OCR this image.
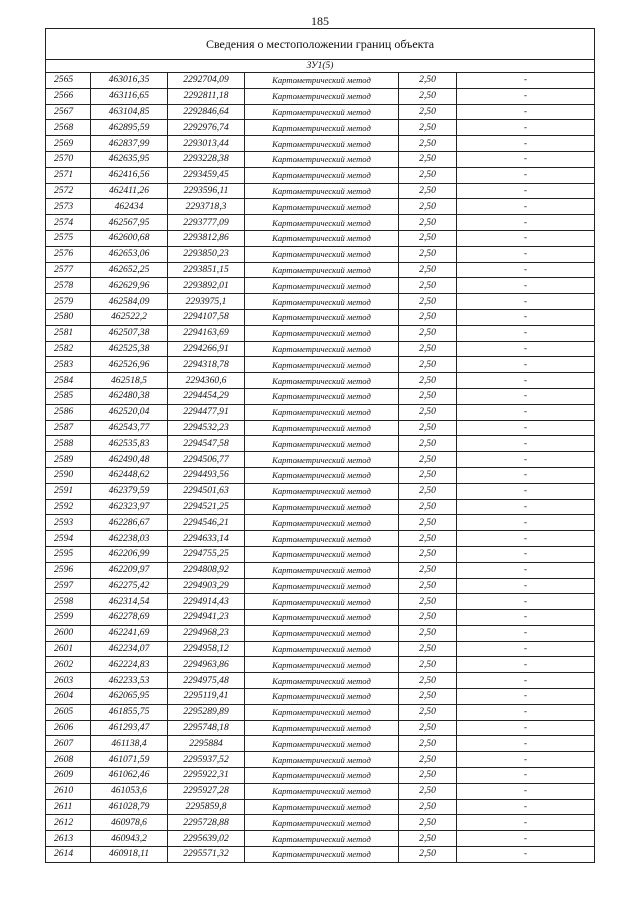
185
Сведения о местоположении границ объекта					
ЗУ1(5)					
2565	463016,35	2292704,09	Картометрический метод	2,50	-
2566	463116,65	2292811,18	Картометрический метод	2,50	-
2567	463104,85	2292846,64	Картометрический метод	2,50	-
2568	462895,59	2292976,74	Картометрический метод	2,50	-
2569	462837,99	2293013,44	Картометрический метод	2,50	-
2570	462635,95	2293228,38	Картометрический метод	2,50	-
2571	462416,56	2293459,45	Картометрический метод	2,50	-
2572	462411,26	2293596,11	Картометрический метод	2,50	-
2573	462434	2293718,3	Картометрический метод	2,50	-
2574	462567,95	2293777,09	Картометрический метод	2,50	-
2575	462600,68	2293812,86	Картометрический метод	2,50	-
2576	462653,06	2293850,23	Картометрический метод	2,50	-
2577	462652,25	2293851,15	Картометрический метод	2,50	-
2578	462629,96	2293892,01	Картометрический метод	2,50	-
2579	462584,09	2293975,1	Картометрический метод	2,50	-
2580	462522,2	2294107,58	Картометрический метод	2,50	-
2581	462507,38	2294163,69	Картометрический метод	2,50	-
2582	462525,38	2294266,91	Картометрический метод	2,50	-
2583	462526,96	2294318,78	Картометрический метод	2,50	-
2584	462518,5	2294360,6	Картометрический метод	2,50	-
2585	462480,38	2294454,29	Картометрический метод	2,50	-
2586	462520,04	2294477,91	Картометрический метод	2,50	-
2587	462543,77	2294532,23	Картометрический метод	2,50	-
2588	462535,83	2294547,58	Картометрический метод	2,50	-
2589	462490,48	2294506,77	Картометрический метод	2,50	-
2590	462448,62	2294493,56	Картометрический метод	2,50	-
2591	462379,59	2294501,63	Картометрический метод	2,50	-
2592	462323,97	2294521,25	Картометрический метод	2,50	-
2593	462286,67	2294546,21	Картометрический метод	2,50	-
2594	462238,03	2294633,14	Картометрический метод	2,50	-
2595	462206,99	2294755,25	Картометрический метод	2,50	-
2596	462209,97	2294808,92	Картометрический метод	2,50	-
2597	462275,42	2294903,29	Картометрический метод	2,50	-
2598	462314,54	2294914,43	Картометрический метод	2,50	-
2599	462278,69	2294941,23	Картометрический метод	2,50	-
2600	462241,69	2294968,23	Картометрический метод	2,50	-
2601	462234,07	2294958,12	Картометрический метод	2,50	-
2602	462224,83	2294963,86	Картометрический метод	2,50	-
2603	462233,53	2294975,48	Картометрический метод	2,50	-
2604	462065,95	2295119,41	Картометрический метод	2,50	-
2605	461855,75	2295289,89	Картометрический метод	2,50	-
2606	461293,47	2295748,18	Картометрический метод	2,50	-
2607	461138,4	2295884	Картометрический метод	2,50	-
2608	461071,59	2295937,52	Картометрический метод	2,50	-
2609	461062,46	2295922,31	Картометрический метод	2,50	-
2610	461053,6	2295927,28	Картометрический метод	2,50	-
2611	461028,79	2295859,8	Картометрический метод	2,50	-
2612	460978,6	2295728,88	Картометрический метод	2,50	-
2613	460943,2	2295639,02	Картометрический метод	2,50	-
2614	460918,11	2295571,32	Картометрический метод	2,50	-
